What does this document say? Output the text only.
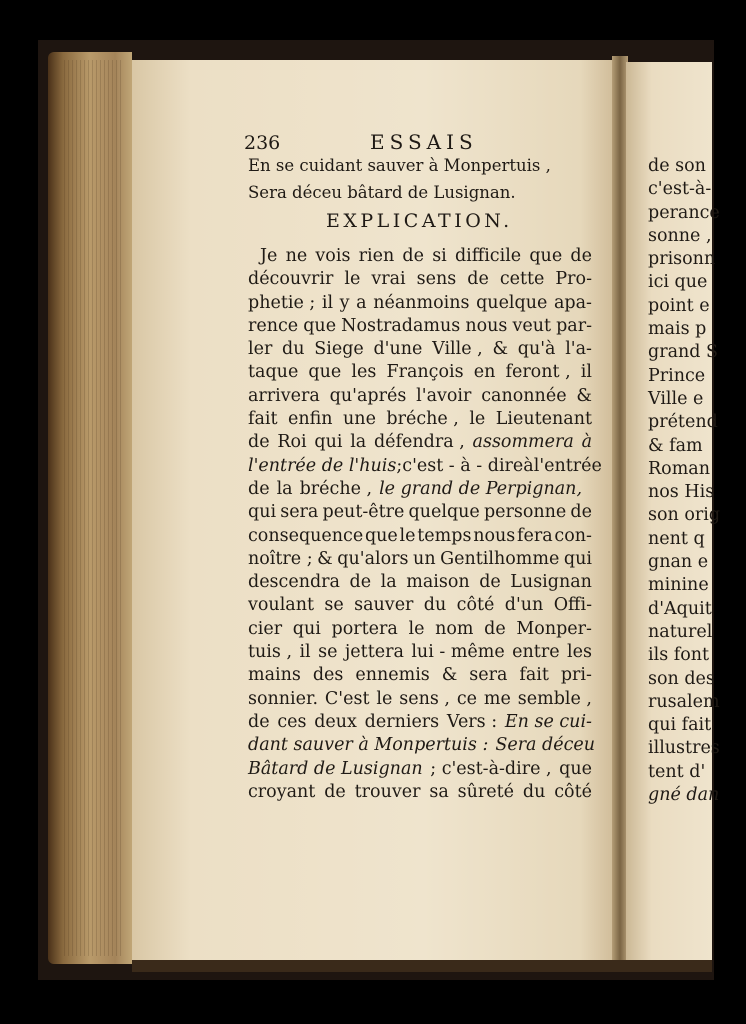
236	ESSAIS
En se cuidant sauver à Monpertuis ,
Sera déceu bâtard de Lusignan.
EXPLICATION.
Je ne vois rien de si difficile que de
découvrir le vrai sens de cette Pro-
phetie ; il y a néanmoins quelque apa-
rence que Nostradamus nous veut par-
ler du Siege d'une Ville , & qu'à l'a-
taque que les François en feront , il
arrivera qu'aprés l'avoir canonnée &
fait enfin une bréche , le Lieutenant
de Roi qui la défendra , assommera à
l'entrée de l'huis ; c'est - à - dire à l'entrée
de la bréche , le grand de Perpignan,
qui sera peut-être quelque personne de
consequence que le temps nous fera con-
noître ; & qu'alors un Gentilhomme qui
descendra de la maison de Lusignan
voulant se sauver du côté d'un Offi-
cier qui portera le nom de Monper-
tuis , il se jettera lui - même entre les
mains des ennemis & sera fait pri-
sonnier. C'est le sens , ce me semble ,
de ces deux derniers Vers : En se cui-
dant sauver à Monpertuis : Sera déceu
Bâtard de Lusignan ; c'est-à-dire , que
croyant de trouver sa sûreté du côté
de son
c'est-à-
perance
sonne ,
prisonn
ici que
point e
mais p
grand S
Prince
Ville e
prétend
& fam
Roman
nos His
son orig
nent q
gnan e
minine
d'Aquit
naturel
ils font
son des
rusalem
qui fait
illustres
tent d'
gné dan
